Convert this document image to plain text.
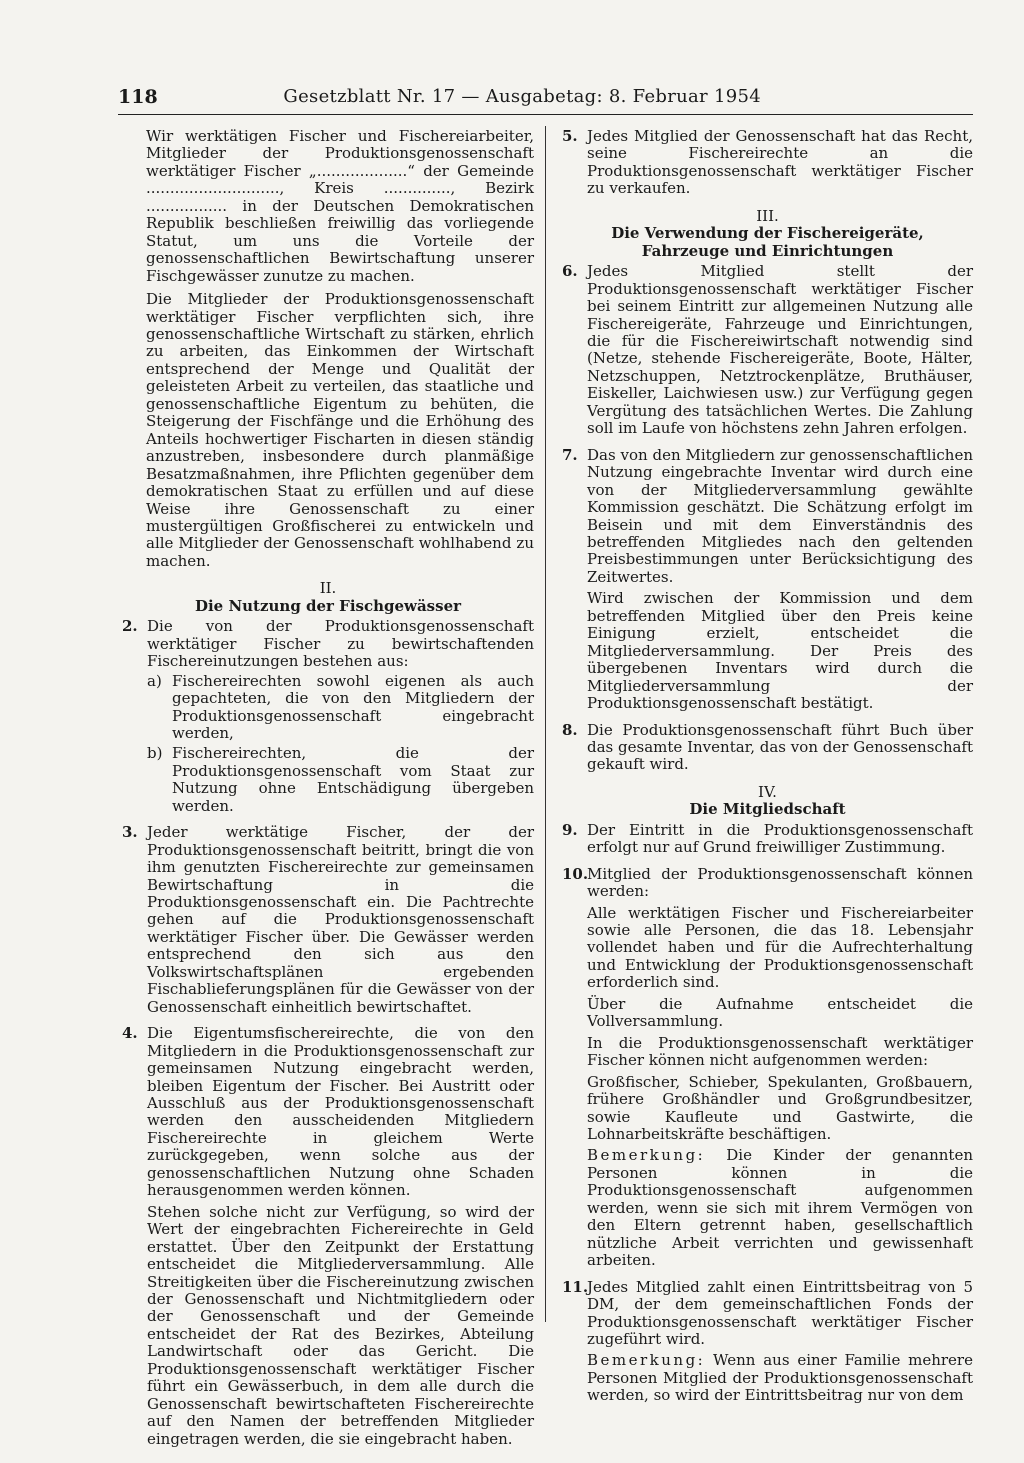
118	Gesetzblatt Nr. 17 — Ausgabetag: 8. Februar 1954

Wir werktätigen Fischer und Fischereiarbeiter, Mitglieder der Produktionsgenossenschaft werktätiger Fischer „...................“ der Gemeinde ............................, Kreis .............., Bezirk ................. in der Deutschen Demokratischen Republik beschließen freiwillig das vorliegende Statut, um uns die Vorteile der genossenschaftlichen Bewirtschaftung unserer Fischgewässer zunutze zu machen.

Die Mitglieder der Produktionsgenossenschaft werktätiger Fischer verpflichten sich, ihre genossenschaftliche Wirtschaft zu stärken, ehrlich zu arbeiten, das Einkommen der Wirtschaft entsprechend der Menge und Qualität der geleisteten Arbeit zu verteilen, das staatliche und genossenschaftliche Eigentum zu behüten, die Steigerung der Fischfänge und die Erhöhung des Anteils hochwertiger Fischarten in diesen ständig anzustreben, insbesondere durch planmäßige Besatzmaßnahmen, ihre Pflichten gegenüber dem demokratischen Staat zu erfüllen und auf diese Weise ihre Genossenschaft zu einer mustergültigen Großfischerei zu entwickeln und alle Mitglieder der Genossenschaft wohlhabend zu machen.

II.
Die Nutzung der Fischgewässer
2. Die von der Produktionsgenossenschaft werktätiger Fischer zu bewirtschaftenden Fischereinutzungen bestehen aus:
a) Fischereirechten sowohl eigenen als auch gepachteten, die von den Mitgliedern der Produktionsgenossenschaft eingebracht werden,
b) Fischereirechten, die der Produktionsgenossenschaft vom Staat zur Nutzung ohne Entschädigung übergeben werden.
3. Jeder werktätige Fischer, der der Produktionsgenossenschaft beitritt, bringt die von ihm genutzten Fischereirechte zur gemeinsamen Bewirtschaftung in die Produktionsgenossenschaft ein. Die Pachtrechte gehen auf die Produktionsgenossenschaft werktätiger Fischer über. Die Gewässer werden entsprechend den sich aus den Volkswirtschaftsplänen ergebenden Fischablieferungsplänen für die Gewässer von der Genossenschaft einheitlich bewirtschaftet.
4. Die Eigentumsfischereirechte, die von den Mitgliedern in die Produktionsgenossenschaft zur gemeinsamen Nutzung eingebracht werden, bleiben Eigentum der Fischer. Bei Austritt oder Ausschluß aus der Produktionsgenossenschaft werden den ausscheidenden Mitgliedern Fischereirechte in gleichem Werte zurückgegeben, wenn solche aus der genossenschaftlichen Nutzung ohne Schaden herausgenommen werden können.

Stehen solche nicht zur Verfügung, so wird der Wert der eingebrachten Fichereirechte in Geld erstattet. Über den Zeitpunkt der Erstattung entscheidet die Mitgliederversammlung. Alle Streitigkeiten über die Fischereinutzung zwischen der Genossenschaft und Nichtmitgliedern oder der Genossenschaft und der Gemeinde entscheidet der Rat des Bezirkes, Abteilung Landwirtschaft oder das Gericht. Die Produktionsgenossenschaft werktätiger Fischer führt ein Gewässerbuch, in dem alle durch die Genossenschaft bewirtschafteten Fischereirechte auf den Namen der betreffenden Mitglieder eingetragen werden, die sie eingebracht haben.

5. Jedes Mitglied der Genossenschaft hat das Recht, seine Fischereirechte an die Produktionsgenossenschaft werktätiger Fischer zu verkaufen.
III.
Die Verwendung der Fischereigeräte,
Fahrzeuge und Einrichtungen
6. Jedes Mitglied stellt der Produktionsgenossenschaft werktätiger Fischer bei seinem Eintritt zur allgemeinen Nutzung alle Fischereigeräte, Fahrzeuge und Einrichtungen, die für die Fischereiwirtschaft notwendig sind (Netze, stehende Fischereigeräte, Boote, Hälter, Netzschuppen, Netztrockenplätze, Bruthäuser, Eiskeller, Laichwiesen usw.) zur Verfügung gegen Vergütung des tatsächlichen Wertes. Die Zahlung soll im Laufe von höchstens zehn Jahren erfolgen.
7. Das von den Mitgliedern zur genossenschaftlichen Nutzung eingebrachte Inventar wird durch eine von der Mitgliederversammlung gewählte Kommission geschätzt. Die Schätzung erfolgt im Beisein und mit dem Einverständnis des betreffenden Mitgliedes nach den geltenden Preisbestimmungen unter Berücksichtigung des Zeitwertes.

Wird zwischen der Kommission und dem betreffenden Mitglied über den Preis keine Einigung erzielt, entscheidet die Mitgliederversammlung. Der Preis des übergebenen Inventars wird durch die Mitgliederversammlung der Produktionsgenossenschaft bestätigt.

8. Die Produktionsgenossenschaft führt Buch über das gesamte Inventar, das von der Genossenschaft gekauft wird.
IV.
Die Mitgliedschaft
9. Der Eintritt in die Produktionsgenossenschaft erfolgt nur auf Grund freiwilliger Zustimmung.
10.
Mitglied der Produktionsgenossenschaft können werden:

Alle werktätigen Fischer und Fischereiarbeiter sowie alle Personen, die das 18. Lebensjahr vollendet haben und für die Aufrechterhaltung und Entwicklung der Produktionsgenossenschaft erforderlich sind.

Über die Aufnahme entscheidet die Vollversammlung.

In die Produktionsgenossenschaft werktätiger Fischer können nicht aufgenommen werden:

Großfischer, Schieber, Spekulanten, Großbauern, frühere Großhändler und Großgrundbesitzer, sowie Kaufleute und Gastwirte, die Lohnarbeitskräfte beschäftigen.

Bemerkung: Die Kinder der genannten Personen können in die Produktionsgenossenschaft aufgenommen werden, wenn sie sich mit ihrem Vermögen von den Eltern getrennt haben, gesellschaftlich nützliche Arbeit verrichten und gewissenhaft arbeiten.

11.
Jedes Mitglied zahlt einen Eintrittsbeitrag von 5 DM, der dem gemeinschaftlichen Fonds der Produktionsgenossenschaft werktätiger Fischer zugeführt wird.

Bemerkung: Wenn aus einer Familie mehrere Personen Mitglied der Produktionsgenossenschaft werden, so wird der Eintrittsbeitrag nur von dem
